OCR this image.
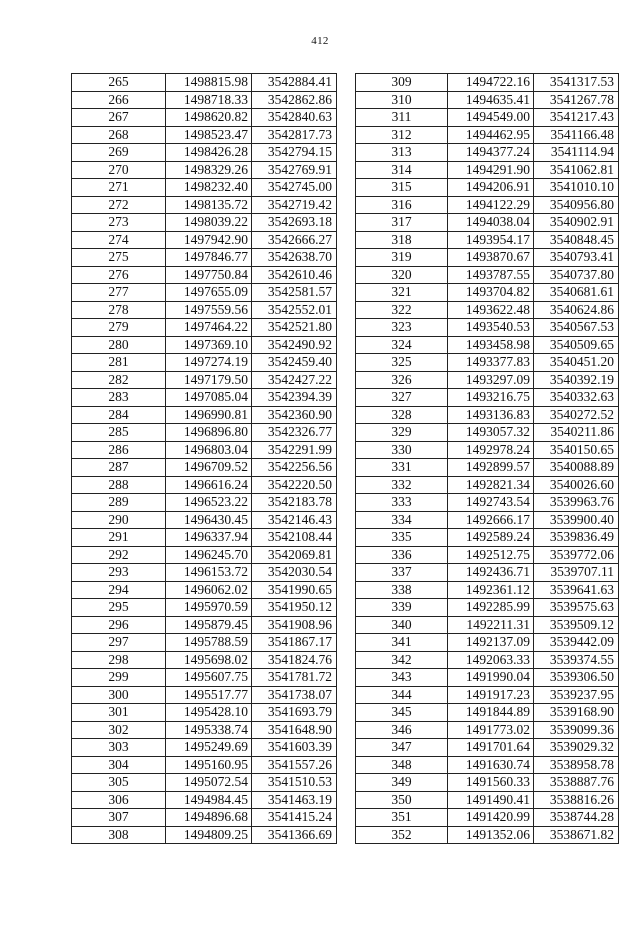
412
265	1498815.98	3542884.41
266	1498718.33	3542862.86
267	1498620.82	3542840.63
268	1498523.47	3542817.73
269	1498426.28	3542794.15
270	1498329.26	3542769.91
271	1498232.40	3542745.00
272	1498135.72	3542719.42
273	1498039.22	3542693.18
274	1497942.90	3542666.27
275	1497846.77	3542638.70
276	1497750.84	3542610.46
277	1497655.09	3542581.57
278	1497559.56	3542552.01
279	1497464.22	3542521.80
280	1497369.10	3542490.92
281	1497274.19	3542459.40
282	1497179.50	3542427.22
283	1497085.04	3542394.39
284	1496990.81	3542360.90
285	1496896.80	3542326.77
286	1496803.04	3542291.99
287	1496709.52	3542256.56
288	1496616.24	3542220.50
289	1496523.22	3542183.78
290	1496430.45	3542146.43
291	1496337.94	3542108.44
292	1496245.70	3542069.81
293	1496153.72	3542030.54
294	1496062.02	3541990.65
295	1495970.59	3541950.12
296	1495879.45	3541908.96
297	1495788.59	3541867.17
298	1495698.02	3541824.76
299	1495607.75	3541781.72
300	1495517.77	3541738.07
301	1495428.10	3541693.79
302	1495338.74	3541648.90
303	1495249.69	3541603.39
304	1495160.95	3541557.26
305	1495072.54	3541510.53
306	1494984.45	3541463.19
307	1494896.68	3541415.24
308	1494809.25	3541366.69
309	1494722.16	3541317.53
310	1494635.41	3541267.78
311	1494549.00	3541217.43
312	1494462.95	3541166.48
313	1494377.24	3541114.94
314	1494291.90	3541062.81
315	1494206.91	3541010.10
316	1494122.29	3540956.80
317	1494038.04	3540902.91
318	1493954.17	3540848.45
319	1493870.67	3540793.41
320	1493787.55	3540737.80
321	1493704.82	3540681.61
322	1493622.48	3540624.86
323	1493540.53	3540567.53
324	1493458.98	3540509.65
325	1493377.83	3540451.20
326	1493297.09	3540392.19
327	1493216.75	3540332.63
328	1493136.83	3540272.52
329	1493057.32	3540211.86
330	1492978.24	3540150.65
331	1492899.57	3540088.89
332	1492821.34	3540026.60
333	1492743.54	3539963.76
334	1492666.17	3539900.40
335	1492589.24	3539836.49
336	1492512.75	3539772.06
337	1492436.71	3539707.11
338	1492361.12	3539641.63
339	1492285.99	3539575.63
340	1492211.31	3539509.12
341	1492137.09	3539442.09
342	1492063.33	3539374.55
343	1491990.04	3539306.50
344	1491917.23	3539237.95
345	1491844.89	3539168.90
346	1491773.02	3539099.36
347	1491701.64	3539029.32
348	1491630.74	3538958.78
349	1491560.33	3538887.76
350	1491490.41	3538816.26
351	1491420.99	3538744.28
352	1491352.06	3538671.82
